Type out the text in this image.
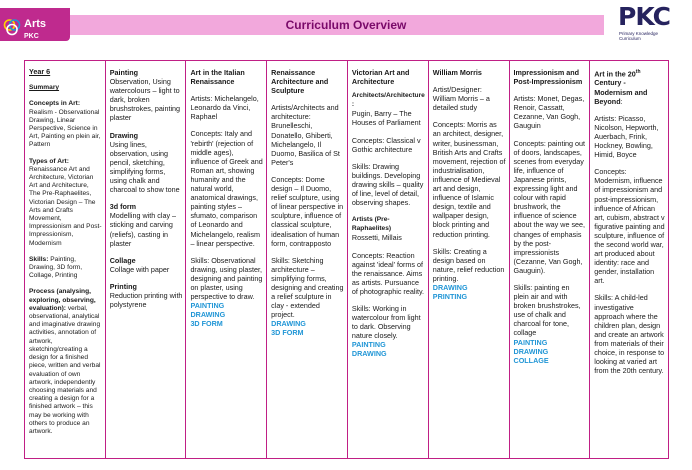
Curriculum Overview
Arts
PKC
PKC
Primary Knowledge Curriculum
Year 6
Summary
Concepts in Art:
Realism - Observational Drawing, Linear Perspective, Science in Art, Painting en plein air, Pattern
Types of Art:
Renaissance Art and Architecture, Victorian Art and Architecture, The Pre-Raphaelites, Victorian Design – The Arts and Crafts Movement, Impressionism and Post-Impressionism, Modernism
Skills: Painting, Drawing, 3D form, Collage, Printing
Process (analysing, exploring, observing, evaluation): verbal, observational, analytical and imaginative drawing activities, annotation of artwork, sketching/creating a design for a finished piece, written and verbal evaluation of own artwork, independently choosing materials and creating a design for a finished artwork – this may be working with others to produce an artwork.
Painting
Observation, Using watercolours – light to dark, broken brushstrokes, painting plaster
Drawing
Using lines, observation, using pencil, sketching, simplifying forms, using chalk and charcoal to show tone
3d form
Modelling with clay – sticking and carving (reliefs), casting in plaster
Collage
Collage with paper
Printing
Reduction printing with polystyrene
Art in the Italian Renaissance
Artists: Michelangelo, Leonardo da Vinci, Raphael
Concepts: Italy and 'rebirth' (rejection of middle ages), influence of Greek and Roman art, showing humanity and the natural world, anatomical drawings, painting styles – sfumato, comparison of Leonardo and Michelangelo, realism – linear perspective.
Skills: Observational drawing, using plaster, designing and painting on plaster, using perspective to draw.
PAINTING
DRAWING
3D FORM
Renaissance Architecture and Sculpture
Artists/Architects and architecture: Brunelleschi, Donatello, Ghiberti, Michelangelo, Il Duomo, Basilica of St Peter's
Concepts: Dome design – Il Duomo, relief sculpture, using of linear perspective in sculpture, influence of classical sculpture, idealisation of human form, contrapposto
Skills: Sketching architecture – simplifying forms, designing and creating a relief sculpture in clay - extended project.
DRAWING
3D FORM
Victorian Art and Architecture
Architects/Architecture :
Pugin, Barry – The Houses of Parliament
Concepts: Classical v Gothic architecture
Skills: Drawing buildings. Developing drawing skills – quality of line, level of detail, observing shapes.
Artists (Pre-Raphaelites)
Rossetti, Millais
Concepts: Reaction against 'ideal' forms of the renaissance. Aims as artists. Pursuance of photographic reality.
Skills: Working in watercolour from light to dark. Observing nature closely.
PAINTING
DRAWING
William Morris
Artist/Designer: William Morris – a detailed study
Concepts: Morris as an architect, designer, writer, businessman, British Arts and Crafts movement, rejection of industrialisation, influence of Medieval art and design, influence of Islamic design, textile and wallpaper design, block printing and reduction printing.
Skills: Creating a design based on nature, relief reduction printing.
DRAWING
PRINTING
Impressionism and Post-Impressionism
Artists: Monet, Degas, Renoir, Cassatt, Cezanne, Van Gogh, Gauguin
Concepts: painting out of doors, landscapes, scenes from everyday life, influence of Japanese prints, expressing light and colour with rapid brushwork, the influence of science about the way we see, changes of emphasis by the post-impressionists (Cezanne, Van Gogh, Gauguin).
Skills: painting en plein air and with broken brushstrokes, use of chalk and charcoal for tone, collage
PAINTING
DRAWING
COLLAGE
Art in the 20th Century - Modernism and Beyond:
Artists: Picasso, Nicolson, Hepworth, Auerbach, Frink, Hockney, Bowling, Himid, Boyce
Concepts: Modernism, influence of impressionism and post-impressionism, influence of African art, cubism, abstract v figurative painting and sculpture, influence of the second world war, art produced about identity: race and gender, installation art.
Skills: A child-led investigative approach where the children plan, design and create an artwork from materials of their choice, in response to looking at varied art from the 20th century.
